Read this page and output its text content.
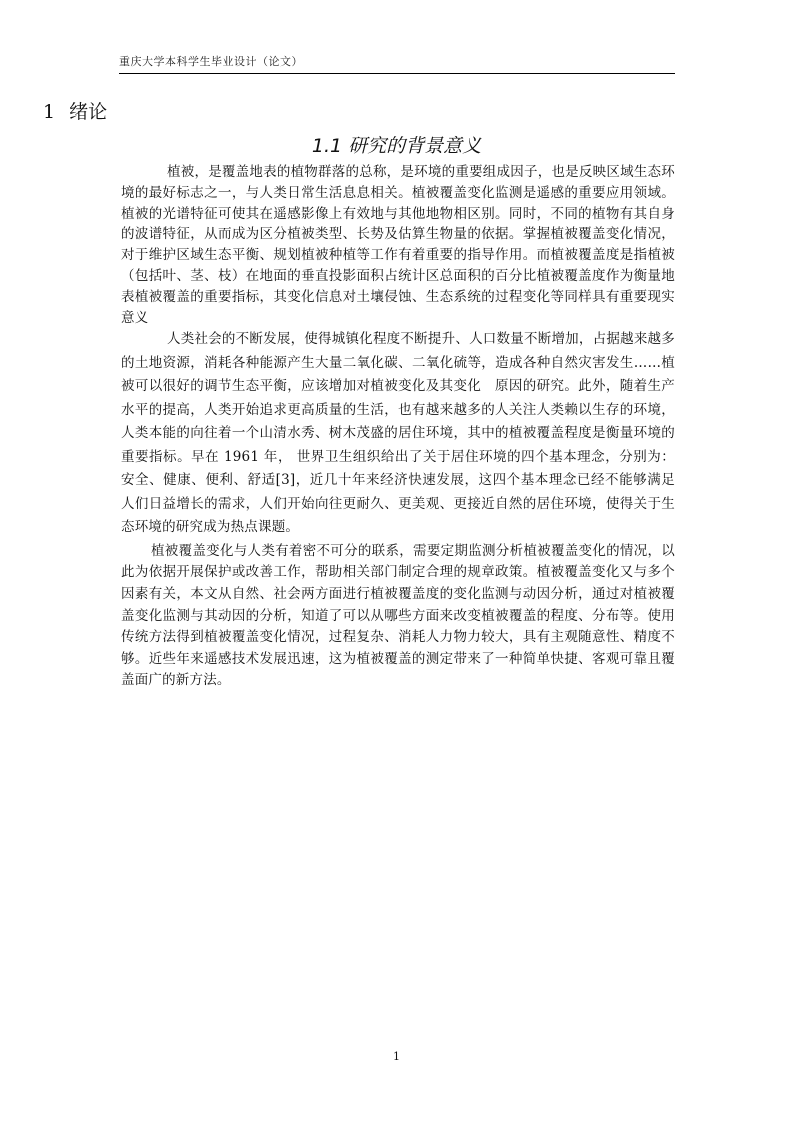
重庆大学本科学生毕业设计（论文）
1 绪论
1.1 研究的背景意义

植被，是覆盖地表的植物群落的总称，是环境的重要组成因子，也是反映区域生态环境的最好标志之一，与人类日常生活息息相关。植被覆盖变化监测是遥感的重要应用领域。植被的光谱特征可使其在遥感影像上有效地与其他地物相区别。同时，不同的植物有其自身的波谱特征，从而成为区分植被类型、长势及估算生物量的依据。掌握植被覆盖变化情况，对于维护区域生态平衡、规划植被种植等工作有着重要的指导作用。而植被覆盖度是指植被（包括叶、茎、枝）在地面的垂直投影面积占统计区总面积的百分比植被覆盖度作为衡量地表植被覆盖的重要指标，其变化信息对土壤侵蚀、生态系统的过程变化等同样具有重要现实意义

人类社会的不断发展，使得城镇化程度不断提升、人口数量不断增加，占据越来越多的土地资源，消耗各种能源产生大量二氧化碳、二氧化硫等，造成各种自然灾害发生……植被可以很好的调节生态平衡，应该增加对植被变化及其变化　原因的研究。此外，随着生产水平的提高，人类开始追求更高质量的生活，也有越来越多的人关注人类赖以生存的环境，人类本能的向往着一个山清水秀、树木茂盛的居住环境，其中的植被覆盖程度是衡量环境的重要指标。早在 1961 年， 世界卫生组织给出了关于居住环境的四个基本理念，分别为：安全、健康、便利、舒适[3]，近几十年来经济快速发展，这四个基本理念已经不能够满足人们日益增长的需求，人们开始向往更耐久、更美观、更接近自然的居住环境，使得关于生态环境的研究成为热点课题。

植被覆盖变化与人类有着密不可分的联系，需要定期监测分析植被覆盖变化的情况，以此为依据开展保护或改善工作，帮助相关部门制定合理的规章政策。植被覆盖变化又与多个因素有关，本文从自然、社会两方面进行植被覆盖度的变化监测与动因分析，通过对植被覆盖变化监测与其动因的分析，知道了可以从哪些方面来改变植被覆盖的程度、分布等。使用传统方法得到植被覆盖变化情况，过程复杂、消耗人力物力较大，具有主观随意性、精度不够。近些年来遥感技术发展迅速，这为植被覆盖的测定带来了一种简单快捷、客观可靠且覆盖面广的新方法。

1
